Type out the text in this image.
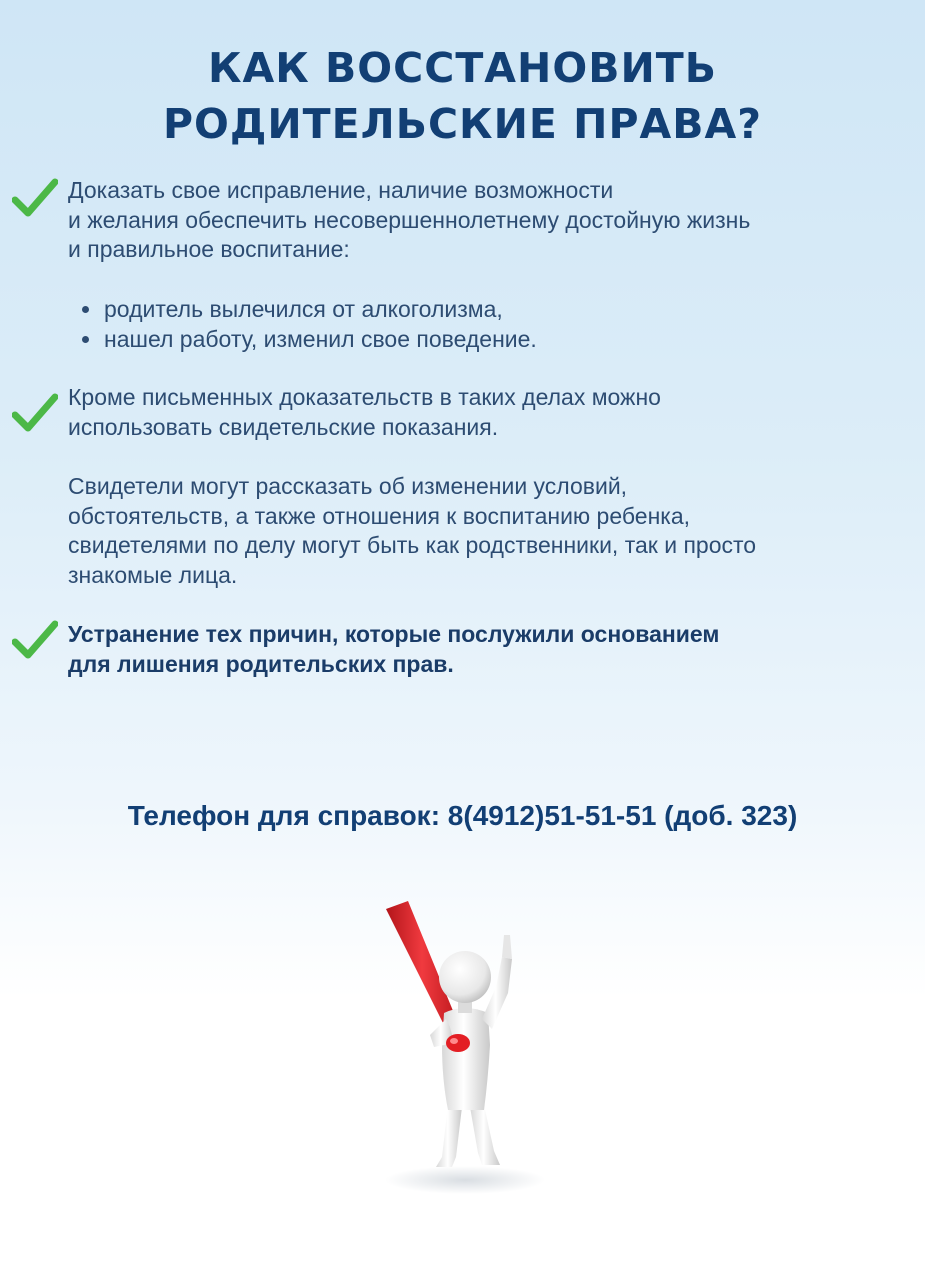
КАК ВОССТАНОВИТЬ
РОДИТЕЛЬСКИЕ ПРАВА?

Доказать свое исправление, наличие возможности

и желания обеспечить несовершеннолетнему достойную жизнь

и правильное воспитание:

родитель вылечился от алкоголизма,
нашел работу, изменил свое поведение.

Кроме письменных доказательств в таких делах можно

использовать свидетельские показания.

Свидетели могут рассказать об изменении условий,

обстоятельств, а также отношения к воспитанию ребенка,

свидетелями по делу могут быть как родственники, так и просто

знакомые лица.

Устранение тех причин, которые послужили основанием

для лишения родительских прав.

Телефон для справок: 8(4912)51-51-51 (доб. 323)
